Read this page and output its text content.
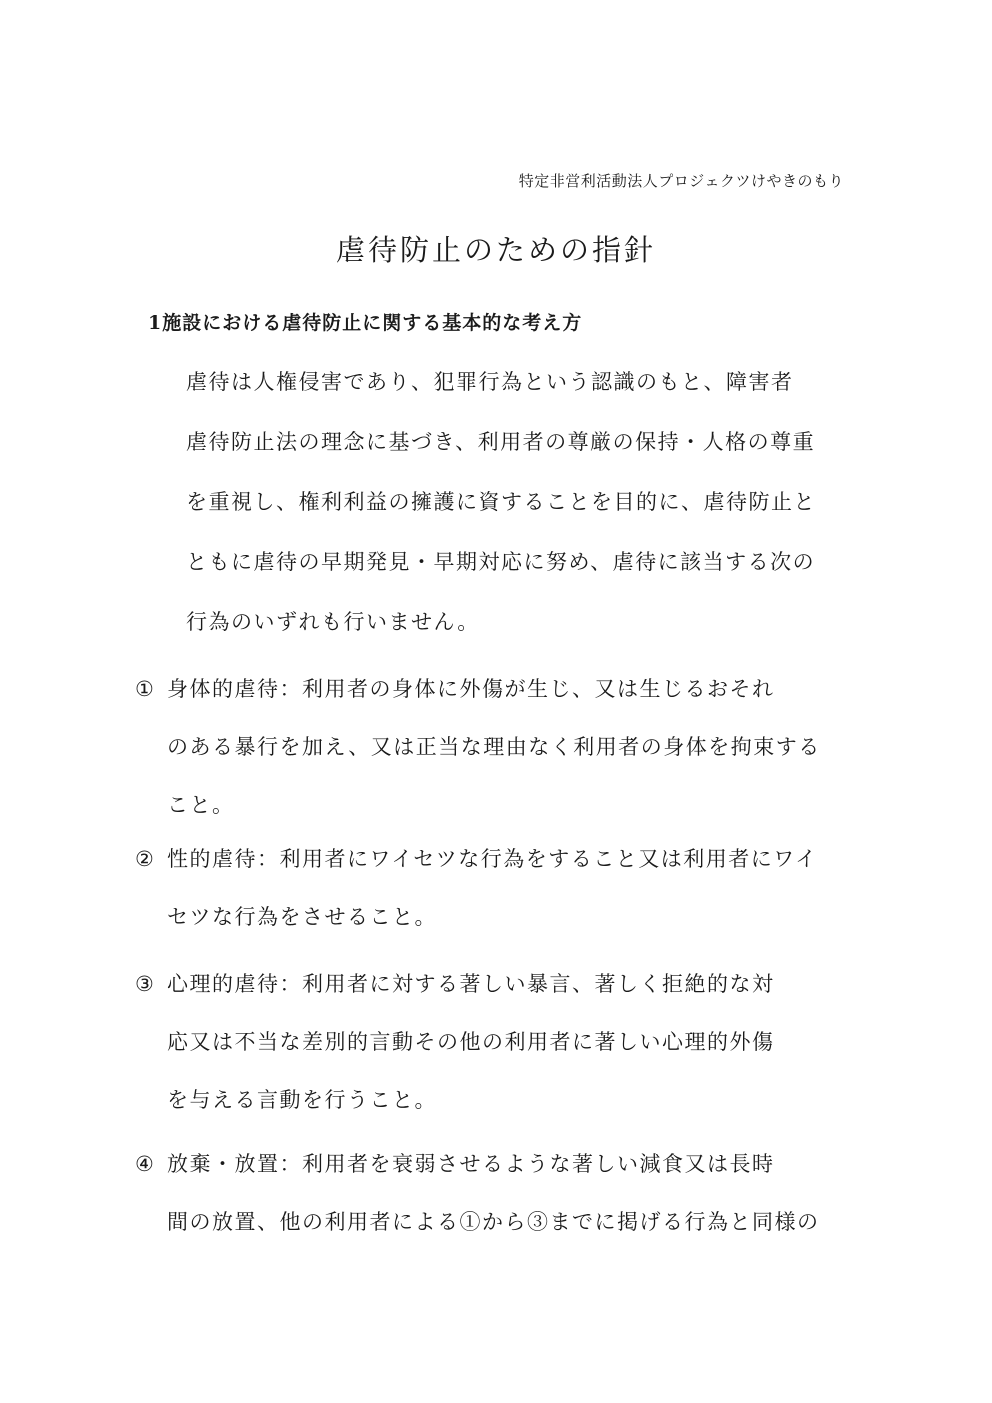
特定非営利活動法人プロジェクツけやきのもり
虐待防止のための指針
1施設における虐待防止に関する基本的な考え方
虐待は人権侵害であり、犯罪行為という認識のもと、障害者
虐待防止法の理念に基づき、利用者の尊厳の保持・人格の尊重
を重視し、権利利益の擁護に資することを目的に、虐待防止と
ともに虐待の早期発見・早期対応に努め、虐待に該当する次の
行為のいずれも行いません。
① 身体的虐待：利用者の身体に外傷が生じ、又は生じるおそれ
のある暴行を加え、又は正当な理由なく利用者の身体を拘束する
こと。
② 性的虐待：利用者にワイセツな行為をすること又は利用者にワイ
セツな行為をさせること。
③ 心理的虐待：利用者に対する著しい暴言、著しく拒絶的な対
応又は不当な差別的言動その他の利用者に著しい心理的外傷
を与える言動を行うこと。
④ 放棄・放置：利用者を衰弱させるような著しい減食又は長時
間の放置、他の利用者による①から③までに掲げる行為と同様の
